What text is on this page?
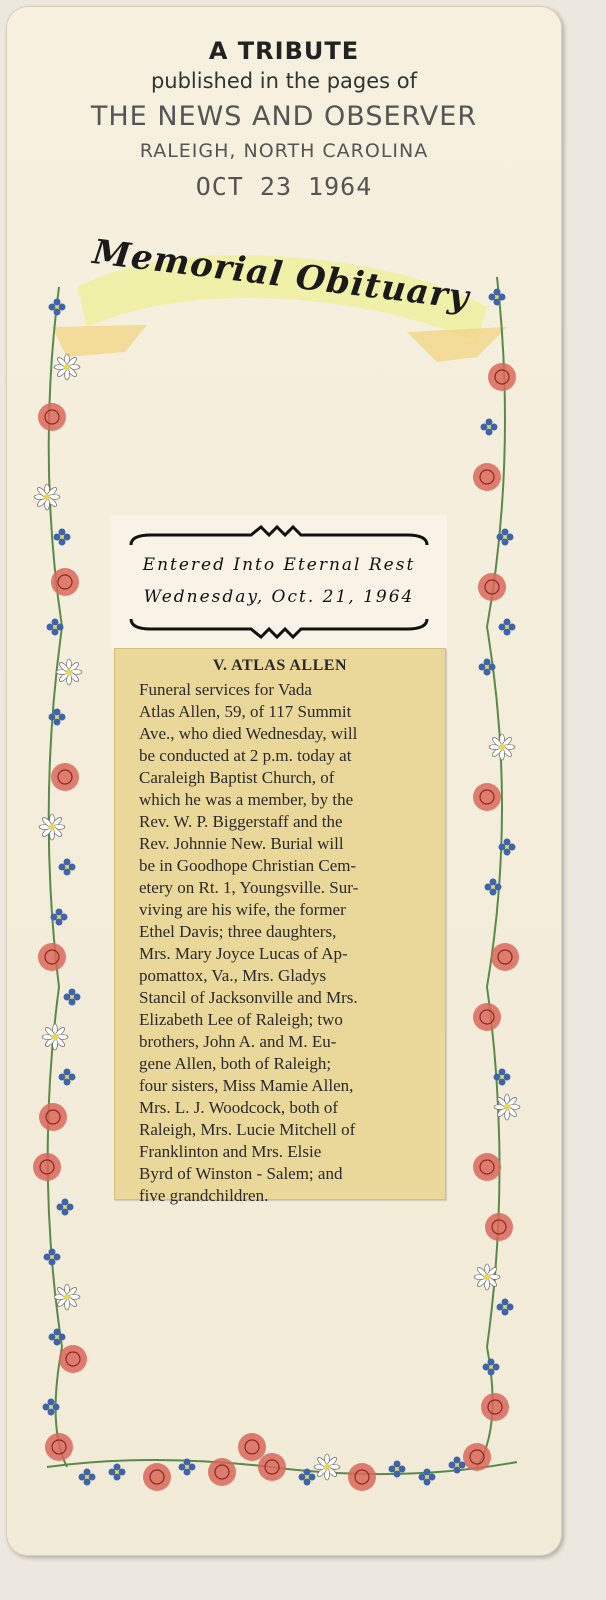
A TRIBUTE
published in the pages of
THE NEWS AND OBSERVER
RALEIGH, NORTH CAROLINA
OCT 23 1964
Memorial Obituary
Entered Into Eternal Rest
Wednesday, Oct. 21, 1964
V. ATLAS ALLEN

Funeral services for Vada

Atlas Allen, 59, of 117 Summit

Ave., who died Wednesday, will

be conducted at 2 p.m. today at

Caraleigh Baptist Church, of

which he was a member, by the

Rev. W. P. Biggerstaff and the

Rev. Johnnie New. Burial will

be in Goodhope Christian Cem-

etery on Rt. 1, Youngsville. Sur-

viving are his wife, the former

Ethel Davis; three daughters,

Mrs. Mary Joyce Lucas of Ap-

pomattox, Va., Mrs. Gladys

Stancil of Jacksonville and Mrs.

Elizabeth Lee of Raleigh; two

brothers, John A. and M. Eu-

gene Allen, both of Raleigh;

four sisters, Miss Mamie Allen,

Mrs. L. J. Woodcock, both of

Raleigh, Mrs. Lucie Mitchell of

Franklinton and Mrs. Elsie

Byrd of Winston - Salem; and

five grandchildren.
